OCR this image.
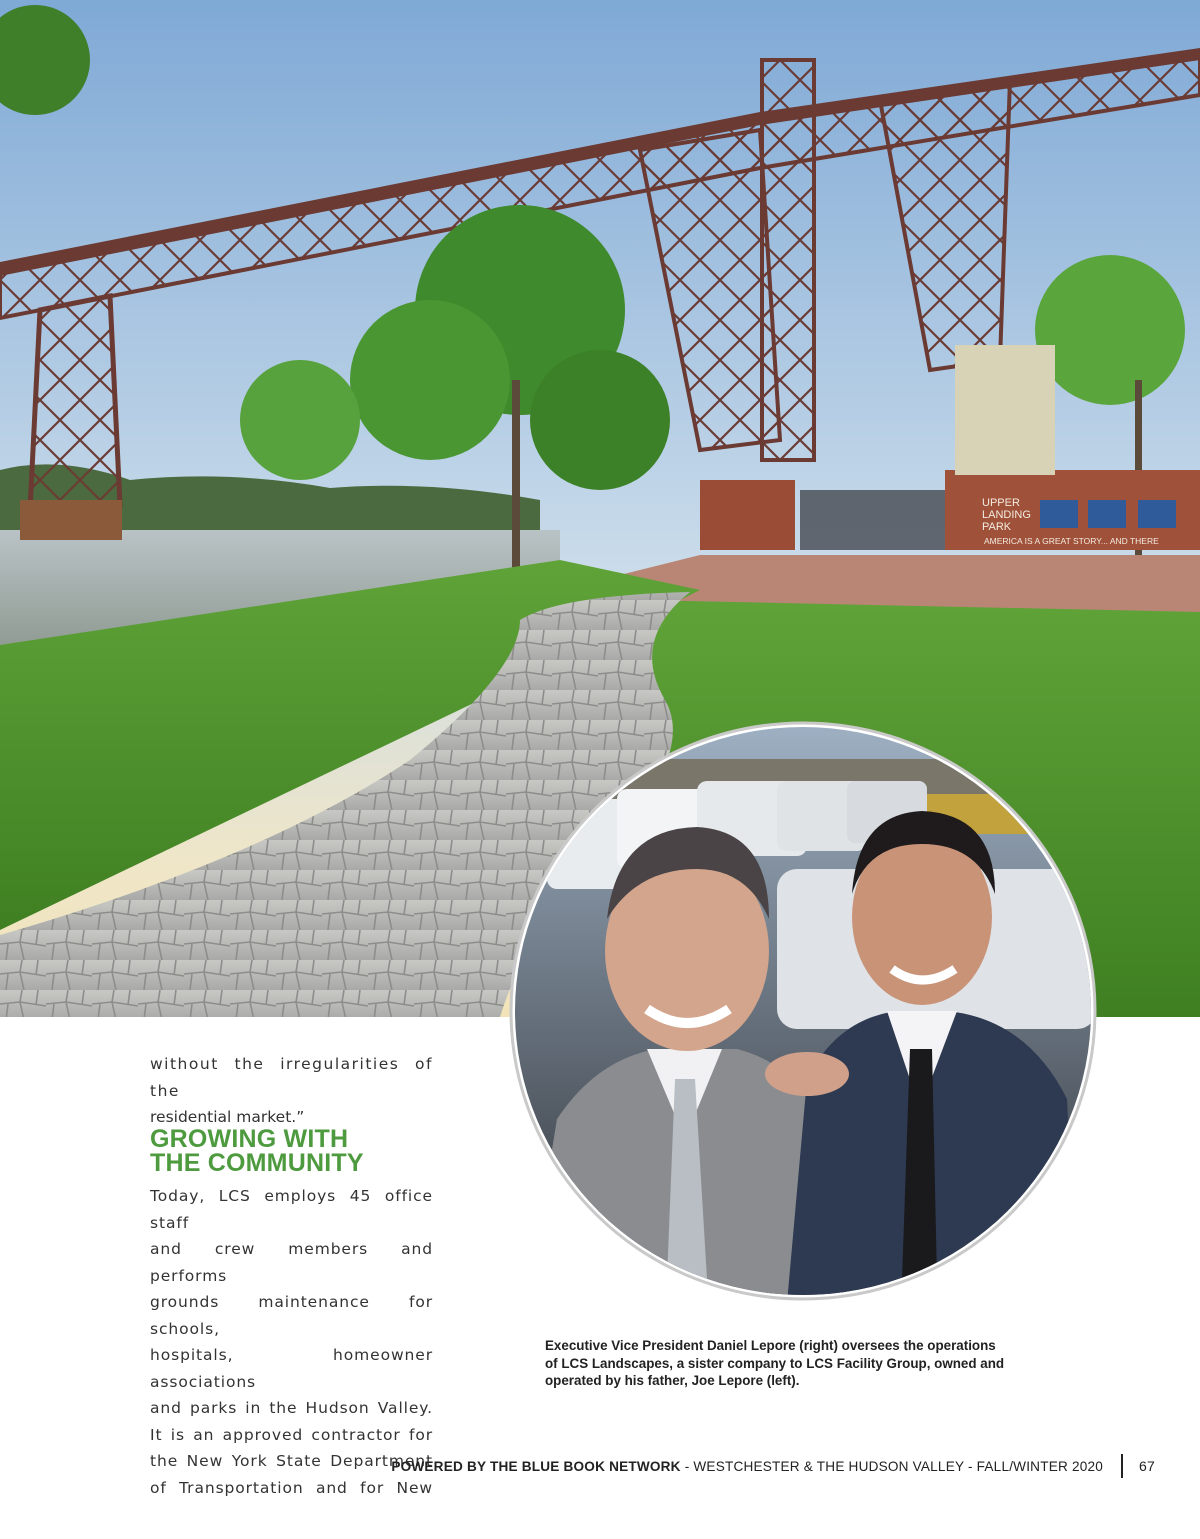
UPPER
LANDING
PARK
AMERICA IS A GREAT STORY... AND THERE
without the irregularities of the
residential market.”
GROWING WITH
THE COMMUNITY
Today, LCS employs 45 office staff
and crew members and performs
grounds maintenance for schools,
hospitals, homeowner associations
and parks in the Hudson Valley.
It is an approved contractor for
the New York State Department
of Transportation and for New
Executive Vice President Daniel Lepore (right) oversees the operations
of LCS Landscapes, a sister company to LCS Facility Group, owned and
operated by his father, Joe Lepore (left).
POWERED BY THE BLUE BOOK NETWORK - WESTCHESTER & THE HUDSON VALLEY - FALL/WINTER 2020	67
